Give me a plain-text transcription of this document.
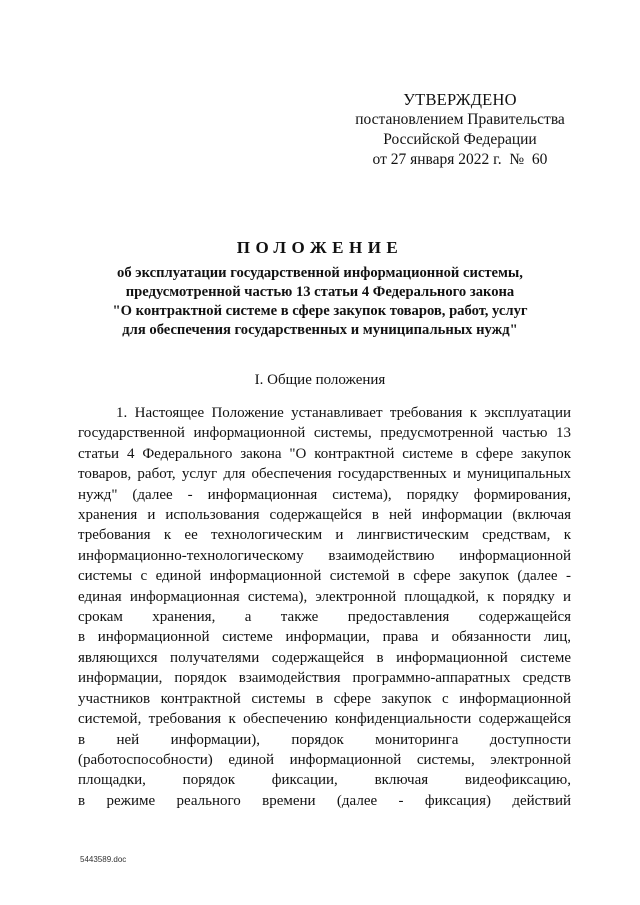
УТВЕРЖДЕНО
постановлением Правительства
Российской Федерации
от 27 января 2022 г.  №  60
ПОЛОЖЕНИЕ
об эксплуатации государственной информационной системы,
предусмотренной частью 13 статьи 4 Федерального закона
"О контрактной системе в сфере закупок товаров, работ, услуг
для обеспечения государственных и муниципальных нужд"
I. Общие положения
1. Настоящее Положение устанавливает требования к эксплуатации
государственной информационной системы, предусмотренной частью 13
статьи 4 Федерального закона "О контрактной системе в сфере закупок
товаров, работ, услуг для обеспечения государственных и муниципальных
нужд" (далее - информационная система), порядку формирования,
хранения и использования содержащейся в ней информации (включая
требования к ее технологическим и лингвистическим средствам, к
информационно-технологическому взаимодействию информационной
системы с единой информационной системой в сфере закупок (далее -
единая информационная система), электронной площадкой, к порядку и
срокам хранения, а также предоставления содержащейся
в информационной системе информации, права и обязанности лиц,
являющихся получателями содержащейся в информационной системе
информации, порядок взаимодействия программно-аппаратных средств
участников контрактной системы в сфере закупок с информационной
системой, требования к обеспечению конфиденциальности содержащейся
в ней информации), порядок мониторинга доступности
(работоспособности) единой информационной системы, электронной
площадки, порядок фиксации, включая видеофиксацию,
в режиме реального времени (далее - фиксация) действий
5443589.doc
